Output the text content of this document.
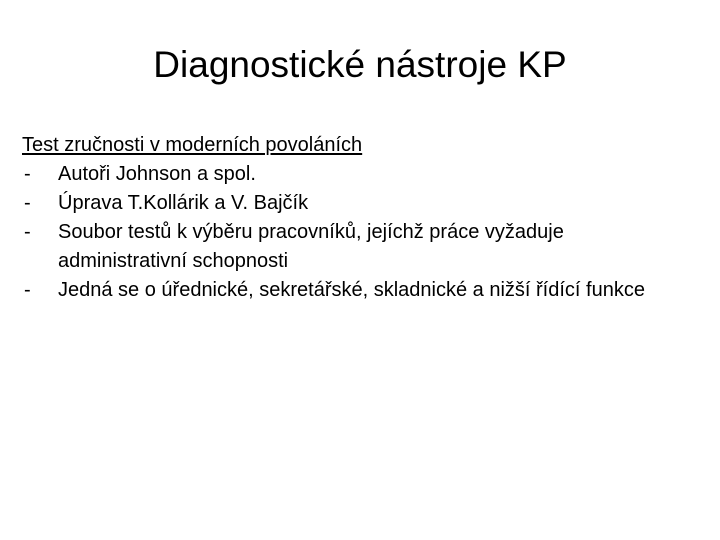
Diagnostické nástroje KP

Test zručnosti v moderních povoláních

-	Autoři Johnson a spol.
-	Úprava T.Kollárik a V. Bajčík
-	Soubor testů k výběru pracovníků, jejíchž práce vyžaduje administrativní schopnosti
-	Jedná se o úřednické, sekretářské, skladnické a nižší řídící funkce
